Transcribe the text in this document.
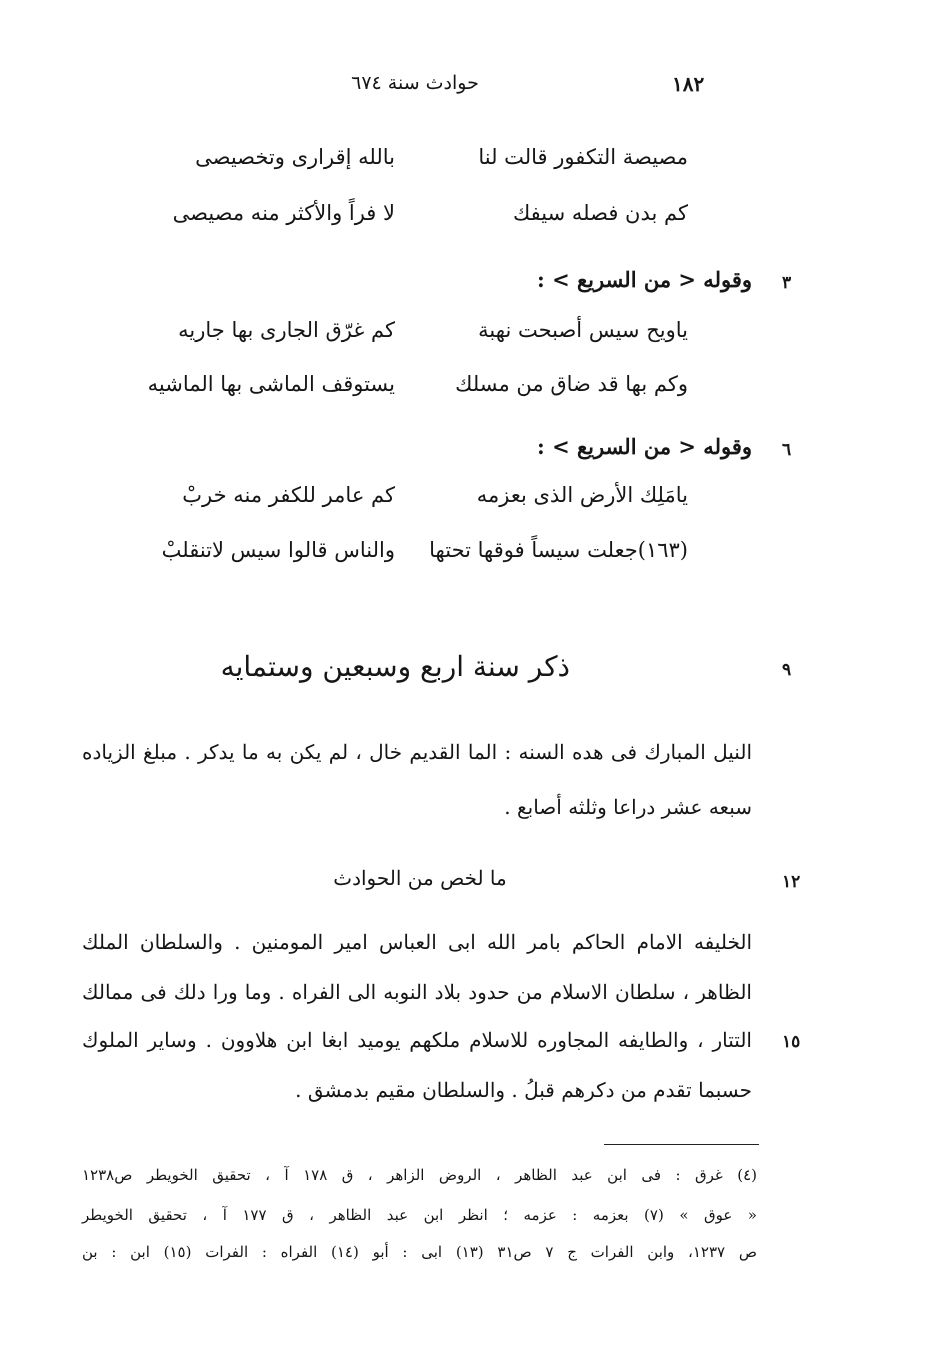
١٨٢
حوادث سنة ٦٧٤
مصيصة التكفور قالت لنا
بالله إقرارى وتخصيصى
كم بدن فصله سيفك
لا فراً والأكثر منه مصيصى
٣
وقوله < من السريع > :
ياويح سيس أصبحت نهبة
كم غرّق الجارى بها جاريه
وكم بها قد ضاق من مسلك
يستوقف الماشى بها الماشيه
٦
وقوله < من السريع > :
يامَلِك الأرض الذى بعزمه
كم عامر للكفر منه خربْ
(١٦٣)جعلت سيساً فوقها تحتها
والناس قالوا سيس لاتنقلبْ
٩
ذكر سنة اربع وسبعين وستمايه
النيل المبارك فى هده السنه : الما القديم خال ، لم يكن به ما يدكر . مبلغ الزياده
سبعه عشر دراعا وثلثه أصابع .
١٢
ما لخص من الحوادث
الخليفه الامام الحاكم بامر الله ابى العباس امير المومنين . والسلطان الملك
الظاهر ، سلطان الاسلام من حدود بلاد النوبه الى الفراه . وما ورا دلك فى ممالك
١٥
التتار ، والطايفه المجاوره للاسلام ملكهم يوميد ابغا ابن هلاوون . وساير الملوك
حسبما تقدم من دكرهم قبلُ . والسلطان مقيم بدمشق .
(٤) غرق : فى ابن عبد الظاهر ، الروض الزاهر ، ق ١٧٨ آ ، تحقيق الخويطر ص١٢٣٨
« عوق » (٧) بعزمه : عزمه ؛ انظر ابن عبد الظاهر ، ق ١٧٧ آ ، تحقيق الخويطر
ص ١٢٣٧، وابن الفرات ج ٧ ص٣١ (١٣) ابى : أبو (١٤) الفراه : الفرات (١٥) ابن : بن
